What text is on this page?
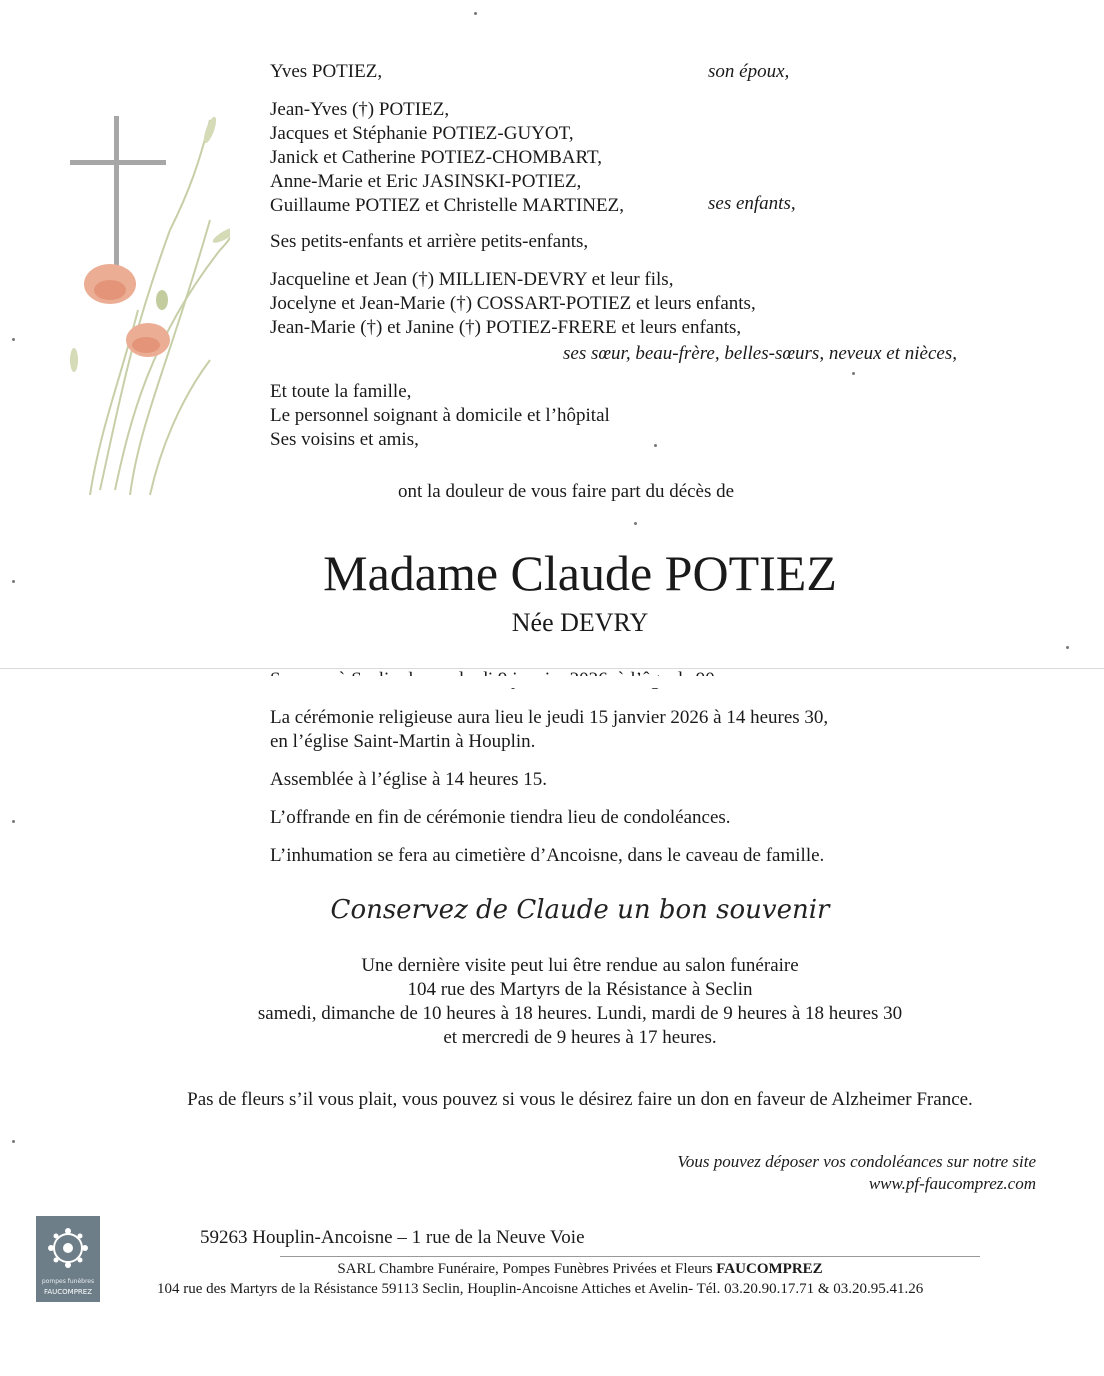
Yves POTIEZ,	son époux,
Jean-Yves (†) POTIEZ,
Jacques et Stéphanie POTIEZ-GUYOT,
Janick et Catherine POTIEZ-CHOMBART,
Anne-Marie et Eric JASINSKI-POTIEZ,
Guillaume POTIEZ et Christelle MARTINEZ,	ses enfants,
Ses petits-enfants et arrière petits-enfants,
Jacqueline et Jean (†) MILLIEN-DEVRY et leur fils,
Jocelyne et Jean-Marie (†) COSSART-POTIEZ et leurs enfants,
Jean-Marie (†) et Janine (†) POTIEZ-FRERE et leurs enfants,
ses sœur, beau-frère, belles-sœurs, neveux et nièces,
Et toute la famille,
Le personnel soignant à domicile et l’hôpital
Ses voisins et amis,
ont la douleur de vous faire part du décès de
Madame Claude POTIEZ
Née DEVRY
La cérémonie religieuse aura lieu le jeudi 15 janvier 2026 à 14 heures 30,
en l’église Saint-Martin à Houplin.
Assemblée à l’église à 14 heures 15.
L’offrande en fin de cérémonie tiendra lieu de condoléances.
L’inhumation se fera au cimetière d’Ancoisne, dans le caveau de famille.
Conservez de Claude un bon souvenir
Une dernière visite peut lui être rendue au salon funéraire
104 rue des Martyrs de la Résistance à Seclin
samedi, dimanche de 10 heures à 18 heures. Lundi, mardi de 9 heures à 18 heures 30
et mercredi de 9 heures à 17 heures.
Pas de fleurs s’il vous plait, vous pouvez si vous le désirez faire un don en faveur de Alzheimer France.
Vous pouvez déposer vos condoléances sur notre site
www.pf-faucomprez.com
pompes funèbres
FAUCOMPREZ
59263 Houplin-Ancoisne – 1 rue de la Neuve Voie
SARL Chambre Funéraire, Pompes Funèbres Privées et Fleurs FAUCOMPREZ
104 rue des Martyrs de la Résistance 59113 Seclin, Houplin-Ancoisne Attiches et Avelin- Tél. 03.20.90.17.71 & 03.20.95.41.26
